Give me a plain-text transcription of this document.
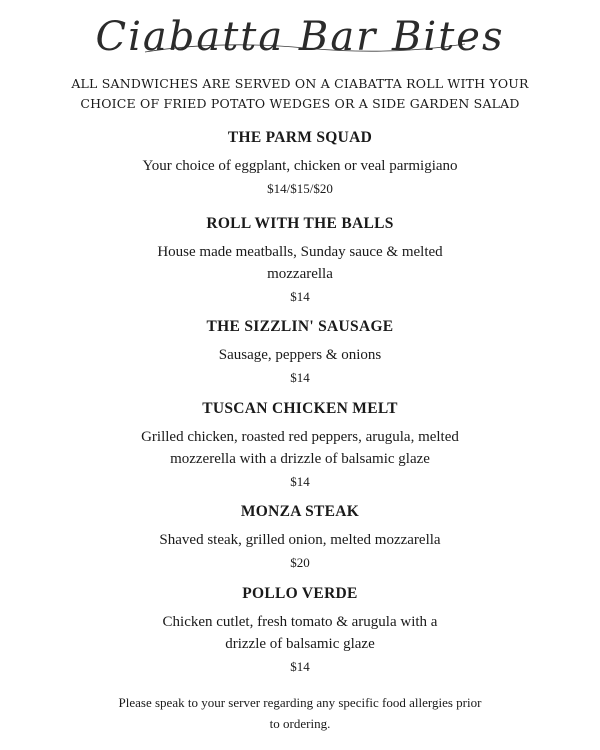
Ciabatta Bar Bites
ALL SANDWICHES ARE SERVED ON A CIABATTA ROLL WITH YOUR
CHOICE OF FRIED POTATO WEDGES OR A SIDE GARDEN SALAD
THE PARM SQUAD
Your choice of eggplant, chicken or veal parmigiano
$14/$15/$20
ROLL WITH THE BALLS
House made meatballs, Sunday sauce & melted
mozzarella
$14
THE SIZZLIN' SAUSAGE
Sausage, peppers & onions
$14
TUSCAN CHICKEN MELT
Grilled chicken, roasted red peppers, arugula, melted
mozzerella with a drizzle of balsamic glaze
$14
MONZA STEAK
Shaved steak, grilled onion, melted mozzarella
$20
POLLO VERDE
Chicken cutlet, fresh tomato & arugula with a
drizzle of balsamic glaze
$14
Please speak to your server regarding any specific food allergies prior
to ordering.
